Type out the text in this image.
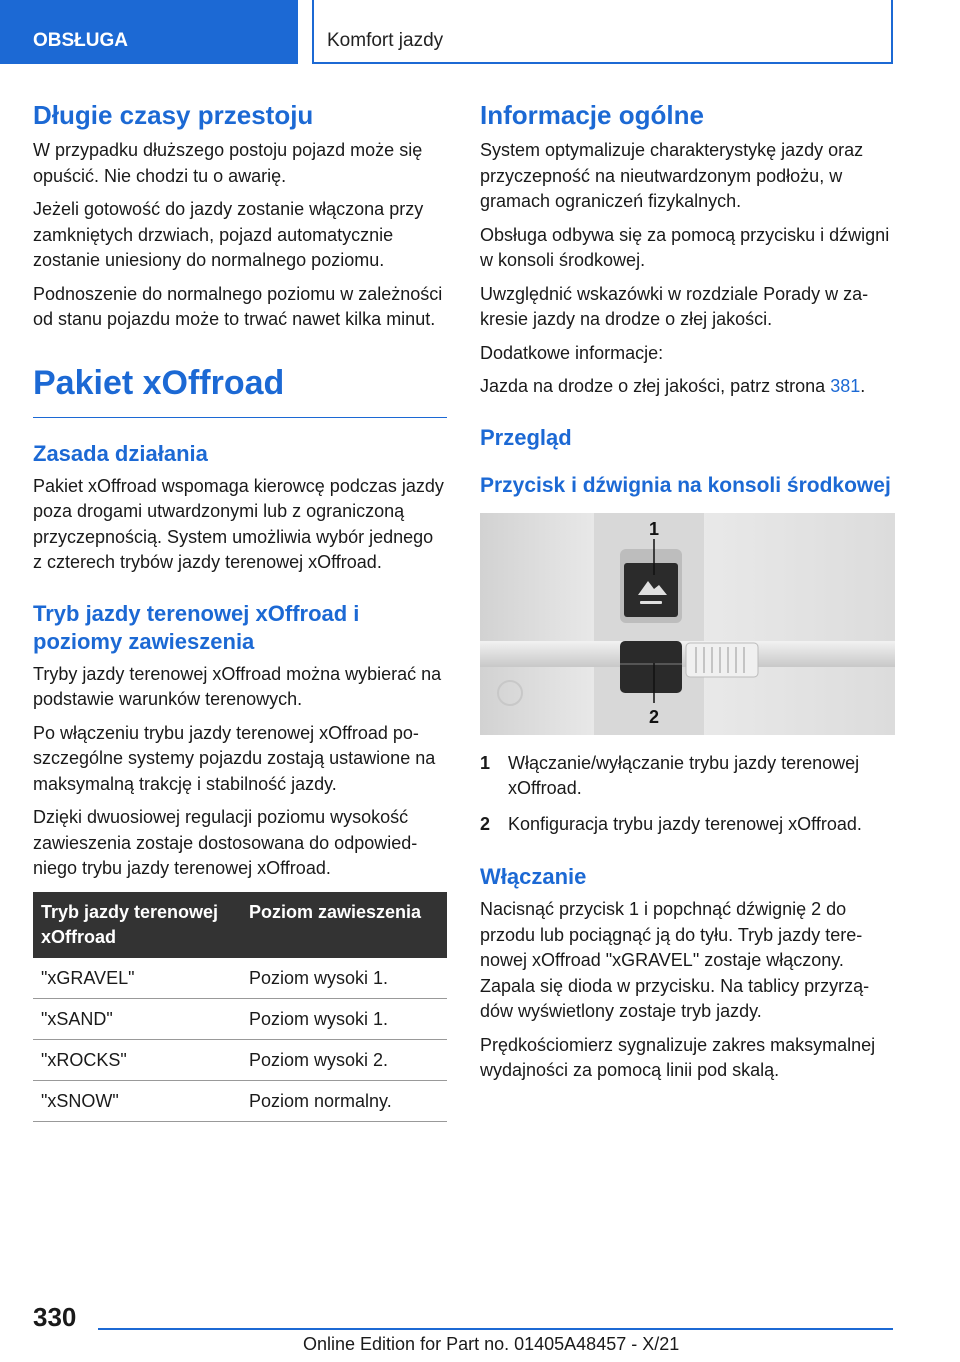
OBSŁUGA	Komfort jazdy
Długie czasy przestoju

W przypadku dłuższego postoju pojazd może się opuścić. Nie chodzi tu o awarię.

Jeżeli gotowość do jazdy zostanie włączona przy zamkniętych drzwiach, pojazd automatycznie zostanie uniesiony do normalnego poziomu.

Podnoszenie do normalnego poziomu w zależności od stanu pojazdu może to trwać nawet kilka minut.

Pakiet xOffroad
Zasada działania

Pakiet xOffroad wspomaga kierowcę podczas jazdy poza drogami utwardzonymi lub z ograniczoną przyczepnością. System umożliwia wybór jednego z czterech trybów jazdy terenowej xOffroad.

Tryb jazdy terenowej xOffroad i poziomy zawieszenia

Tryby jazdy terenowej xOffroad można wybierać na podstawie warunków terenowych.

Po włączeniu trybu jazdy terenowej xOffroad poszczególne systemy pojazdu zostają ustawione na maksymalną trakcję i stabilność jazdy.

Dzięki dwuosiowej regulacji poziomu wysokość zawieszenia zostaje dostosowana do odpowiedniego trybu jazdy terenowej xOffroad.

Tryb jazdy terenowej xOffroad	Poziom zawieszenia
"xGRAVEL"	Poziom wysoki 1.
"xSAND"	Poziom wysoki 1.
"xROCKS"	Poziom wysoki 2.
"xSNOW"	Poziom normalny.
Informacje ogólne

System optymalizuje charakterystykę jazdy oraz przyczepność na nieutwardzonym podłożu, w gramach ograniczeń fizykalnych.

Obsługa odbywa się za pomocą przycisku i dźwigni w konsoli środkowej.

Uwzględnić wskazówki w rozdziale Porady w zakresie jazdy na drodze o złej jakości.

Dodatkowe informacje:

Jazda na drodze o złej jakości, patrz strona 381.

Przegląd
Przycisk i dźwignia na konsoli środkowej
1
2
1 Włączanie/wyłączanie trybu jazdy terenowej xOffroad.
2 Konfiguracja trybu jazdy terenowej xOffroad.
Włączanie

Nacisnąć przycisk 1 i popchnąć dźwignię 2 do przodu lub pociągnąć ją do tyłu. Tryb jazdy terenowej xOffroad "xGRAVEL" zostaje włączony. Zapala się dioda w przycisku. Na tablicy przyrządów wyświetlony zostaje tryb jazdy.

Prędkościomierz sygnalizuje zakres maksymalnej wydajności za pomocą linii pod skalą.

330
Online Edition for Part no. 01405A48457 - X/21
